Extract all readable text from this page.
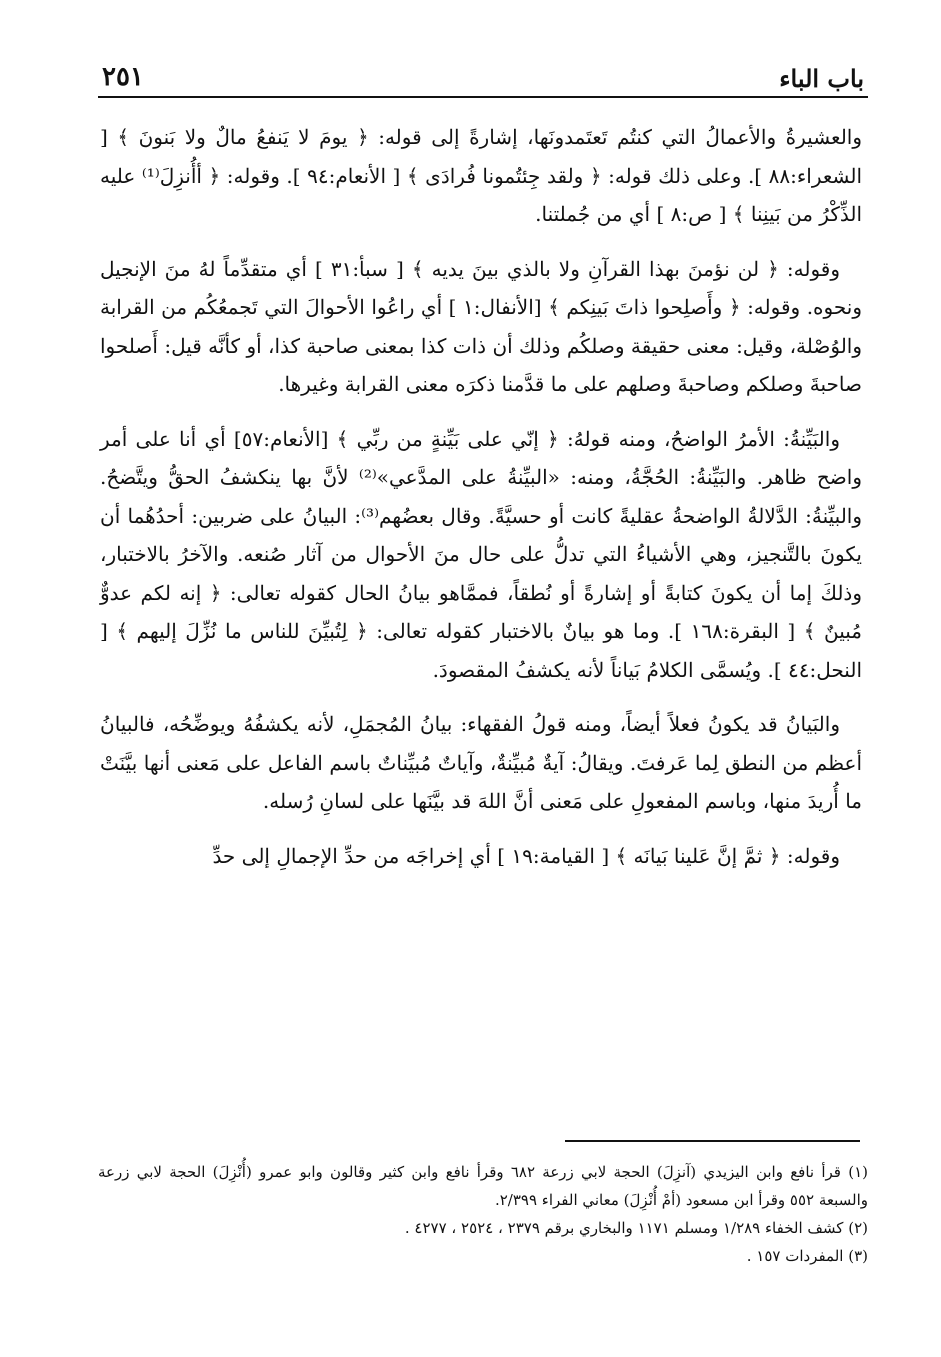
باب الباء
٢٥١

والعشيرةُ والأعمالُ التي كنتُم تَعتَمدونَها، إشارةً إلى قوله: ﴿ يومَ لا يَنفعُ مالٌ ولا بَنونَ ﴾ [ الشعراء:٨٨ ]. وعلى ذلك قوله: ﴿ ولقد جِئتُمونا فُرادَى ﴾ [ الأنعام:٩٤ ]. وقوله: ﴿ أأُنزِلَ⁽¹⁾ عليه الذِّكْرُ من بَينِنا ﴾ [ ص:٨ ] أي من جُملتنا.

وقوله: ﴿ لن نؤمنَ بهذا القرآنِ ولا بالذي بينَ يديه ﴾ [ سبأ:٣١ ] أي متقدِّماً لهُ منَ الإنجيل ونحوه. وقوله: ﴿ وأَصلِحوا ذاتَ بَينِكم ﴾ [الأنفال:١ ] أي راعُوا الأحوالَ التي تَجمعُكُم من القرابة والوُصْلة، وقيل: معنى حقيقة وصلكُم وذلك أن ذات كذا بمعنى صاحبة كذا، أو كأنَّه قيل: أَصلحوا صاحبةَ وصلكم وصاحبةَ وصلهم على ما قدَّمنا ذكرَه معنى القرابة وغيرها.

والبَيِّنةُ: الأمرُ الواضحُ، ومنه قولهُ: ﴿ إنّي على بَيِّنةٍ من ربِّي ﴾ [الأنعام:٥٧] أي أنا على أمر واضح ظاهر. والبَيِّنةُ: الحُجَّةُ، ومنه: «البيِّنةُ على المدَّعي»⁽²⁾ لأنَّ بها ينكشفُ الحقُّ ويتَّضحُ. والبيِّنةُ: الدَّلالةُ الواضحةُ عقليةً كانت أو حسيَّةً. وقال بعضُهم⁽³⁾: البيانُ على ضربين: أحدُهُما أن يكونَ بالتَّنجيز، وهي الأشياءُ التي تدلُّ على حال منَ الأحوال من آثار صُنعه. والآخرُ بالاختبار، وذلكَ إما أن يكونَ كتابةً أو إشارةً أو نُطقاً، فممَّاهو بيانُ الحال كقوله تعالى: ﴿ إنه لكم عدوٌّ مُبينٌ ﴾ [ البقرة:١٦٨ ]. وما هو بيانٌ بالاختبار كقوله تعالى: ﴿ لِتُبيِّنَ للناس ما نُزِّلَ إليهم ﴾ [ النحل:٤٤ ]. ويُسمَّى الكلامُ بَياناً لأنه يكشفُ المقصودَ.

والبَيانُ قد يكونُ فعلاً أيضاً، ومنه قولُ الفقهاء: بيانُ المُجمَلِ، لأنه يكشفُهُ ويوضِّحُه، فالبيانُ أعظم من النطق لِما عَرفتَ. ويقالُ: آيةٌ مُبيِّنةٌ، وآياتٌ مُبيِّناتٌ باسم الفاعل على مَعنى أنها بيَّنَتْ ما أُريدَ منها، وباسم المفعولِ على مَعنى أنَّ اللهَ قد بيَّنَها على لسانِ رُسله.

وقوله: ﴿ ثمَّ إنَّ عَلينا بَيانَه ﴾ [ القيامة:١٩ ] أي إخراجَه من حدِّ الإجمالِ إلى حدِّ

(١) قرأ نافع وابن اليزيدي (آنزِلَ) الحجة لابي زرعة ٦٨٢ وقرأ نافع وابن كثير وقالون وابو عمرو (أُنْزِلَ) الحجة لابي زرعة والسبعة ٥٥٢ وقرأ ابن مسعود (أمْ أُنْزِلَ) معاني الفراء ٢/٣٩٩.

(٢) كشف الخفاء ١/٢٨٩ ومسلم ١١٧١ والبخاري برقم ٢٣٧٩ ، ٢٥٢٤ ، ٤٢٧٧ .

(٣) المفردات ١٥٧ .
